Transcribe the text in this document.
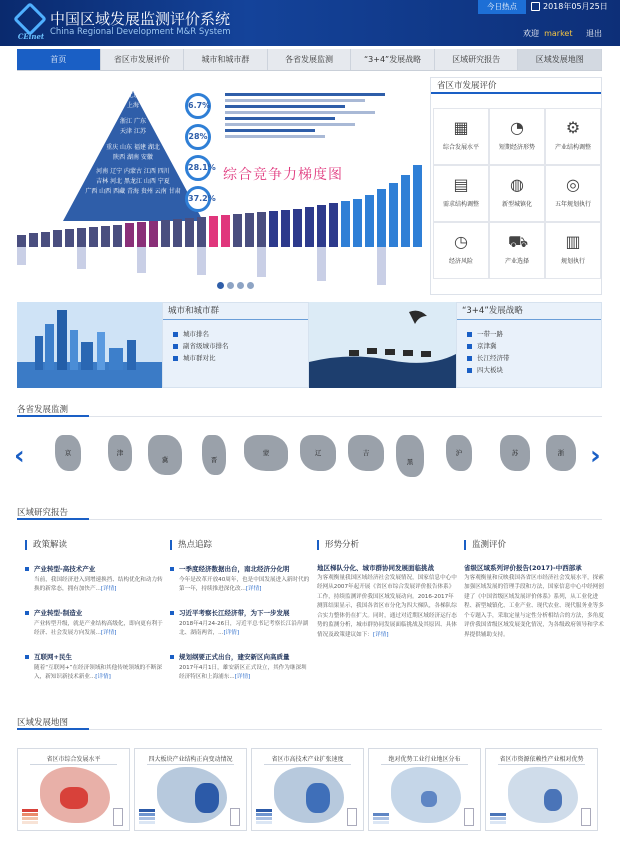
CEinet
中国区域发展监测评价系统
China Regional Development M&R System
今日热点	2018年05月25日
欢迎 market 退出
首页	省区市发展评价	城市和城市群	各省发展监测	“3+4”发展战略	区域研究报告	区域发展地图
北京
上海
浙江 广东
天津 江苏
重庆 山东 福建 湖北
陕西 湖南 安徽
河南 辽宁 内蒙古 江西 四川
吉林 河北 黑龙江 山西 宁夏
广西 山西 西藏 青海 贵州 云南 甘肃
6.7%
28%
28.1%
37.2%
综合竞争力梯度图
省区市发展评价
▦
综合发展水平
◔
短期经济形势
⚙
产业结构调整
▤
需求结构调整
◍
新型城镇化
◎
五年规划执行
◷
经济风险
⛟
产业选择
▥
规划执行
城市和城市群
城市排名
副省级城市排名
城市群对比
“3+4”发展战略
一带一路
京津冀
长江经济带
四大板块
各省发展监测
‹	›
京	津
冀	晋
蒙	辽	吉
黑
沪	苏	浙
区域研究报告
政策解读
产业转型-高技术产业
当前，我国经济进入到增速换挡、结构优化和动力转换的新常态，拥有加快产...[详情]
产业转型-制造业
产业转型升级，就是产业结构高级化，即向更有利于经济、社会发展方向发展...[详情]
互联网+民生
随着“互联网+”在经济领域和其他传统领域的不断深入，新知识新技术新业...[详情]
热点追踪
一季度经济数据出台，南北经济分化明
今年是改革开放40周年，也是中国发展进入新时代的第一年，持续推进深化改...[详情]
习近平考察长江经济带，为下一步发展
2018年4月24-26日，习近平总书记考察长江沿岸湖北、湖南两省，...[详情]
规划纲要正式出台，建安新区向高质量
2017年4月1日，雄安新区正式设立，其作为继深圳经济特区和上海浦东...[详情]
形势分析
地区梯队分化、城市群协同发展面临挑战
为客观衡量我国区域经济社会发展情况，国家信息中心中经网从2007年起开展《省区市综合发展评价报告体系》工作，持续监测评价我国区域发展动向。2016-2017年测算结果显示，我国各省区市分化为四大梯队，各梯队综合实力整体仍在扩大。同时，通过对近期区域经济运行态势的监测分析，城市群协同发展面临挑战及其原因、具体情况及政策建议如下：[详情]
监测评价
省级区域系列评价报告(2017)-中西部承
为客观衡量和反映我国各省区市经济社会发展水平，探索加强区域发展的管理手段和方法，国家信息中心中经网创建了《中国省级区域发展评价体系》系列，从工业化进程、新型城镇化、工业产业、现代农业、现代服务业等多个专题入手，采取定量与定性分析相结合的方法，多角度评价我国省级区域发展变化情况，为各级政府领导和学术界提供辅助支持。
区域发展地图
省区市综合发展水平	四大板块产业结构正向变动情况	省区市高技术产业扩张速度	绝对优势工业行业地区分布	省区市资源依赖性产业相对优势
